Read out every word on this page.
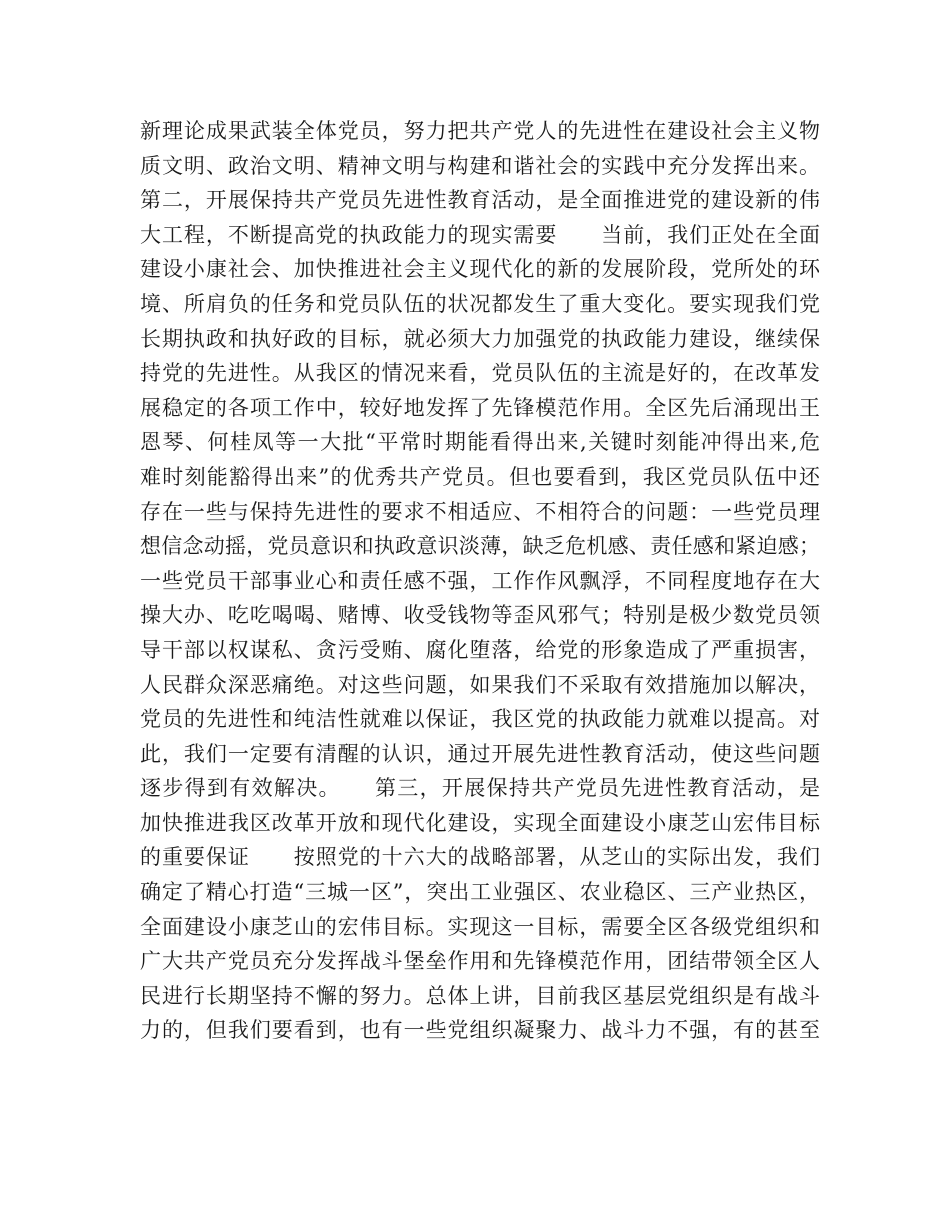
新理论成果武装全体党员，努力把共产党人的先进性在建设社会主义物
质文明、政治文明、精神文明与构建和谐社会的实践中充分发挥出来。
第二，开展保持共产党员先进性教育活动，是全面推进党的建设新的伟
大工程，不断提高党的执政能力的现实需要　　当前，我们正处在全面
建设小康社会、加快推进社会主义现代化的新的发展阶段，党所处的环
境、所肩负的任务和党员队伍的状况都发生了重大变化。要实现我们党
长期执政和执好政的目标，就必须大力加强党的执政能力建设，继续保
持党的先进性。从我区的情况来看，党员队伍的主流是好的，在改革发
展稳定的各项工作中，较好地发挥了先锋模范作用。全区先后涌现出王
恩琴、何桂凤等一大批“平常时期能看得出来,关键时刻能冲得出来,危
难时刻能豁得出来”的优秀共产党员。但也要看到，我区党员队伍中还
存在一些与保持先进性的要求不相适应、不相符合的问题：一些党员理
想信念动摇，党员意识和执政意识淡薄，缺乏危机感、责任感和紧迫感；
一些党员干部事业心和责任感不强，工作作风飘浮，不同程度地存在大
操大办、吃吃喝喝、赌博、收受钱物等歪风邪气；特别是极少数党员领
导干部以权谋私、贪污受贿、腐化堕落，给党的形象造成了严重损害，
人民群众深恶痛绝。对这些问题，如果我们不采取有效措施加以解决，
党员的先进性和纯洁性就难以保证，我区党的执政能力就难以提高。对
此，我们一定要有清醒的认识，通过开展先进性教育活动，使这些问题
逐步得到有效解决。　　第三，开展保持共产党员先进性教育活动，是
加快推进我区改革开放和现代化建设，实现全面建设小康芝山宏伟目标
的重要保证　　按照党的十六大的战略部署，从芝山的实际出发，我们
确定了精心打造“三城一区”，突出工业强区、农业稳区、三产业热区，
全面建设小康芝山的宏伟目标。实现这一目标，需要全区各级党组织和
广大共产党员充分发挥战斗堡垒作用和先锋模范作用，团结带领全区人
民进行长期坚持不懈的努力。总体上讲，目前我区基层党组织是有战斗
力的，但我们要看到，也有一些党组织凝聚力、战斗力不强，有的甚至
